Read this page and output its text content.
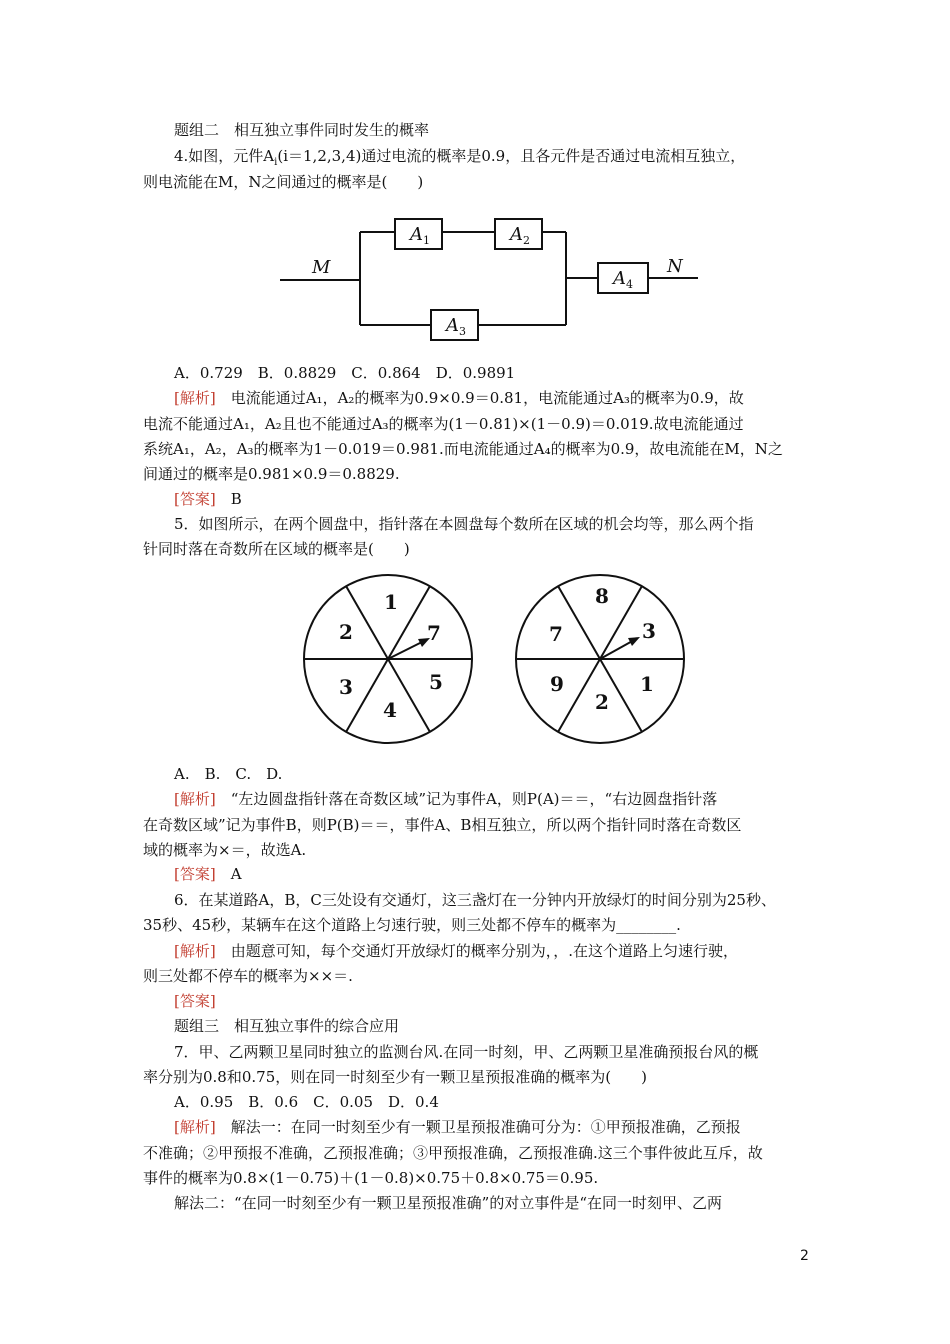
题组二　相互独立事件同时发生的概率
4.如图，元件$A_i(i=1,2,3,4)$通过电流的概率是0.9，且各元件是否通过电流相互独立，
则电流能在M，N之间通过的概率是(　　)
M	N
$A_1$	$A_2$
$A_3$
$A_4$
A．0.729　B．0.8829　C．0.864　D．0.9891
[解析]　电流能通过A₁，A₂的概率为0.9×0.9＝0.81，电流能通过A₃的概率为0.9，故
电流不能通过A₁，A₂且也不能通过A₃的概率为(1－0.81)×(1－0.9)＝0.019.故电流能通过
系统A₁，A₂，A₃的概率为1－0.019＝0.981.而电流能通过A₄的概率为0.9，故电流能在M，N之
间通过的概率是0.981×0.9＝0.8829.
[答案]　B
5．如图所示，在两个圆盘中，指针落在本圆盘每个数所在区域的机会均等，那么两个指
针同时落在奇数所在区域的概率是(　　)
1
7
5
4
3
2
8
3
1
2
9
7
A.　B.　C.　D.
[解析]　“左边圆盘指针落在奇数区域”记为事件A，则P(A)＝＝，“右边圆盘指针落
在奇数区域”记为事件B，则P(B)＝＝，事件A、B相互独立，所以两个指针同时落在奇数区
域的概率为×＝，故选A.
[答案]　A
6．在某道路A，B，C三处设有交通灯，这三盏灯在一分钟内开放绿灯的时间分别为25秒、
35秒、45秒，某辆车在这个道路上匀速行驶，则三处都不停车的概率为________.
[解析]　由题意可知，每个交通灯开放绿灯的概率分别为，，.在这个道路上匀速行驶，
则三处都不停车的概率为××＝.
[答案]
题组三　相互独立事件的综合应用
7．甲、乙两颗卫星同时独立的监测台风.在同一时刻，甲、乙两颗卫星准确预报台风的概
率分别为0.8和0.75，则在同一时刻至少有一颗卫星预报准确的概率为(　　)
A．0.95　B．0.6　C．0.05　D．0.4
[解析]　解法一：在同一时刻至少有一颗卫星预报准确可分为：①甲预报准确，乙预报
不准确；②甲预报不准确，乙预报准确；③甲预报准确，乙预报准确.这三个事件彼此互斥，故
事件的概率为0.8×(1－0.75)＋(1－0.8)×0.75＋0.8×0.75＝0.95.
解法二：“在同一时刻至少有一颗卫星预报准确”的对立事件是“在同一时刻甲、乙两
2
